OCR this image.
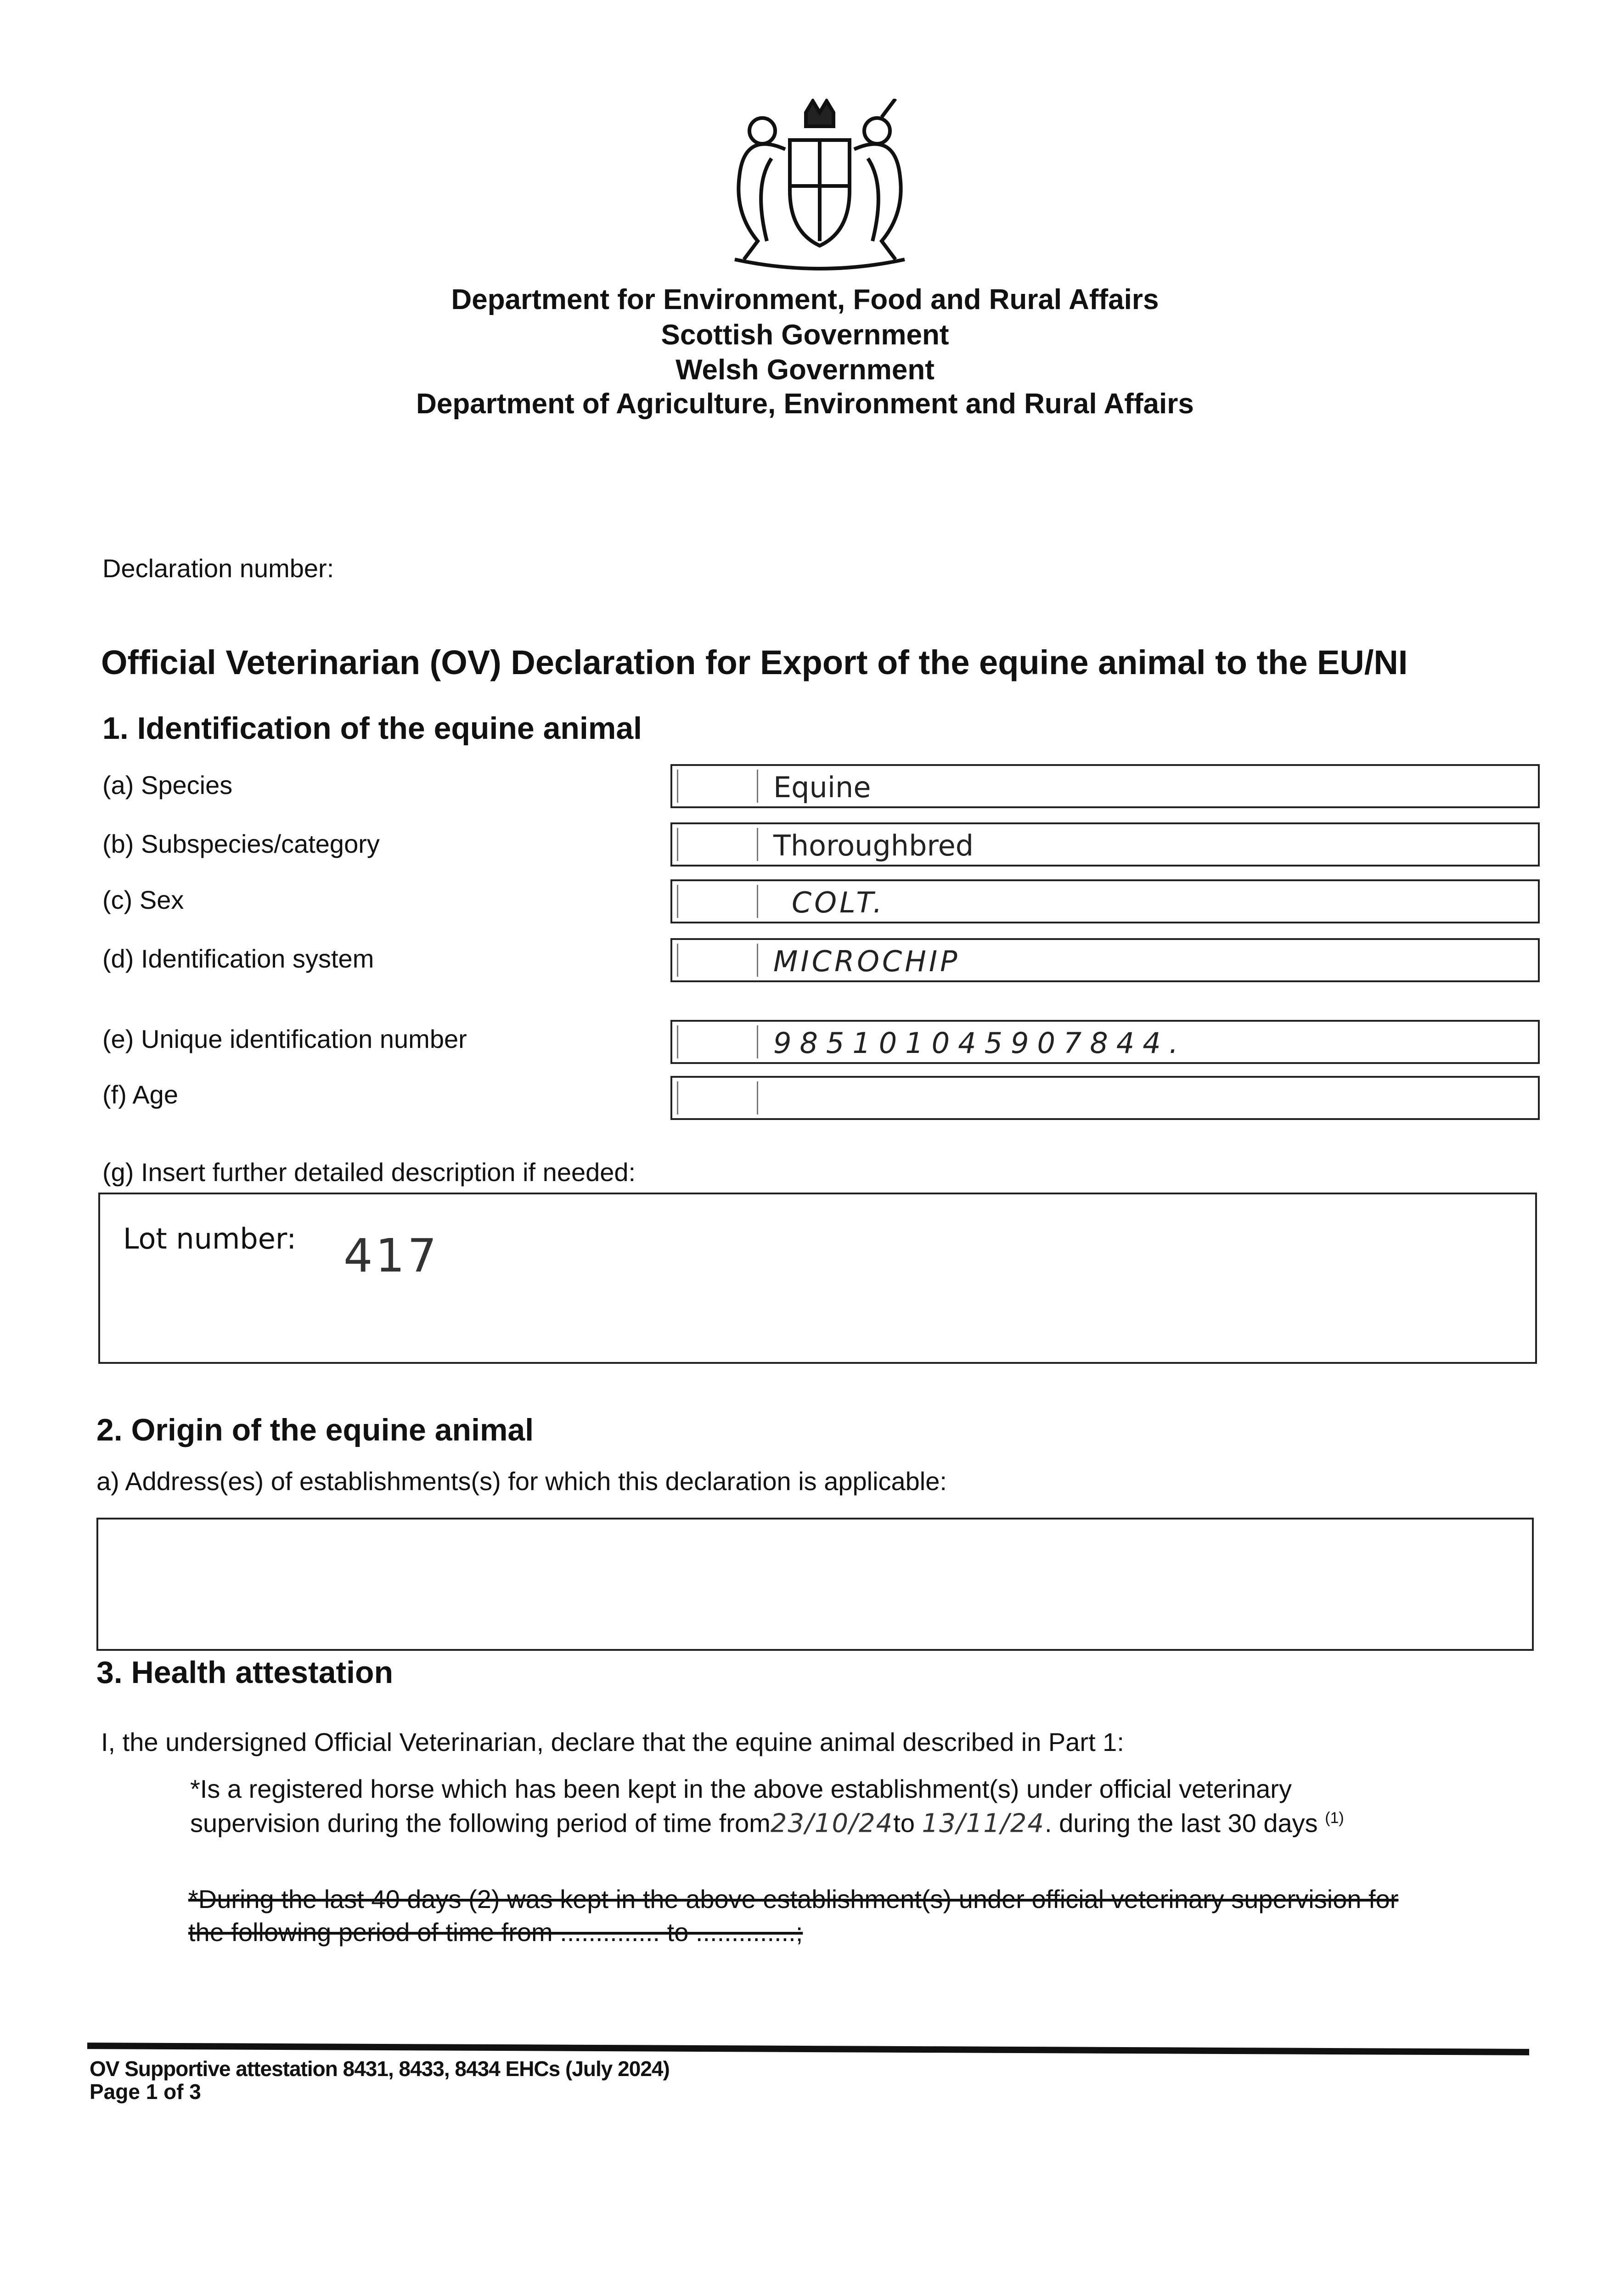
Department for Environment, Food and Rural Affairs
Scottish Government
Welsh Government
Department of Agriculture, Environment and Rural Affairs
Declaration number:
Official Veterinarian (OV) Declaration for Export of the equine animal to the EU/NI
1. Identification of the equine animal
(a) Species	Equine
(b) Subspecies/category	Thoroughbred
(c) Sex	COLT.
(d) Identification system	MICROCHIP
(e) Unique identification number	985101045907844.
(f) Age
(g) Insert further detailed description if needed:
Lot number: 417
2. Origin of the equine animal
a) Address(es) of establishments(s) for which this declaration is applicable:
3. Health attestation
I, the undersigned Official Veterinarian, declare that the equine animal described in Part 1:
*Is a registered horse which has been kept in the above establishment(s) under official veterinary
supervision during the following period of time from23/10/24to 13/11/24. during the last 30 days $^{(1)}$
*During the last 40 days (2) was kept in the above establishment(s) under official veterinary supervision for
the following period of time from .............. to ..............;
OV Supportive attestation 8431, 8433, 8434 EHCs (July 2024)
Page 1 of 3
